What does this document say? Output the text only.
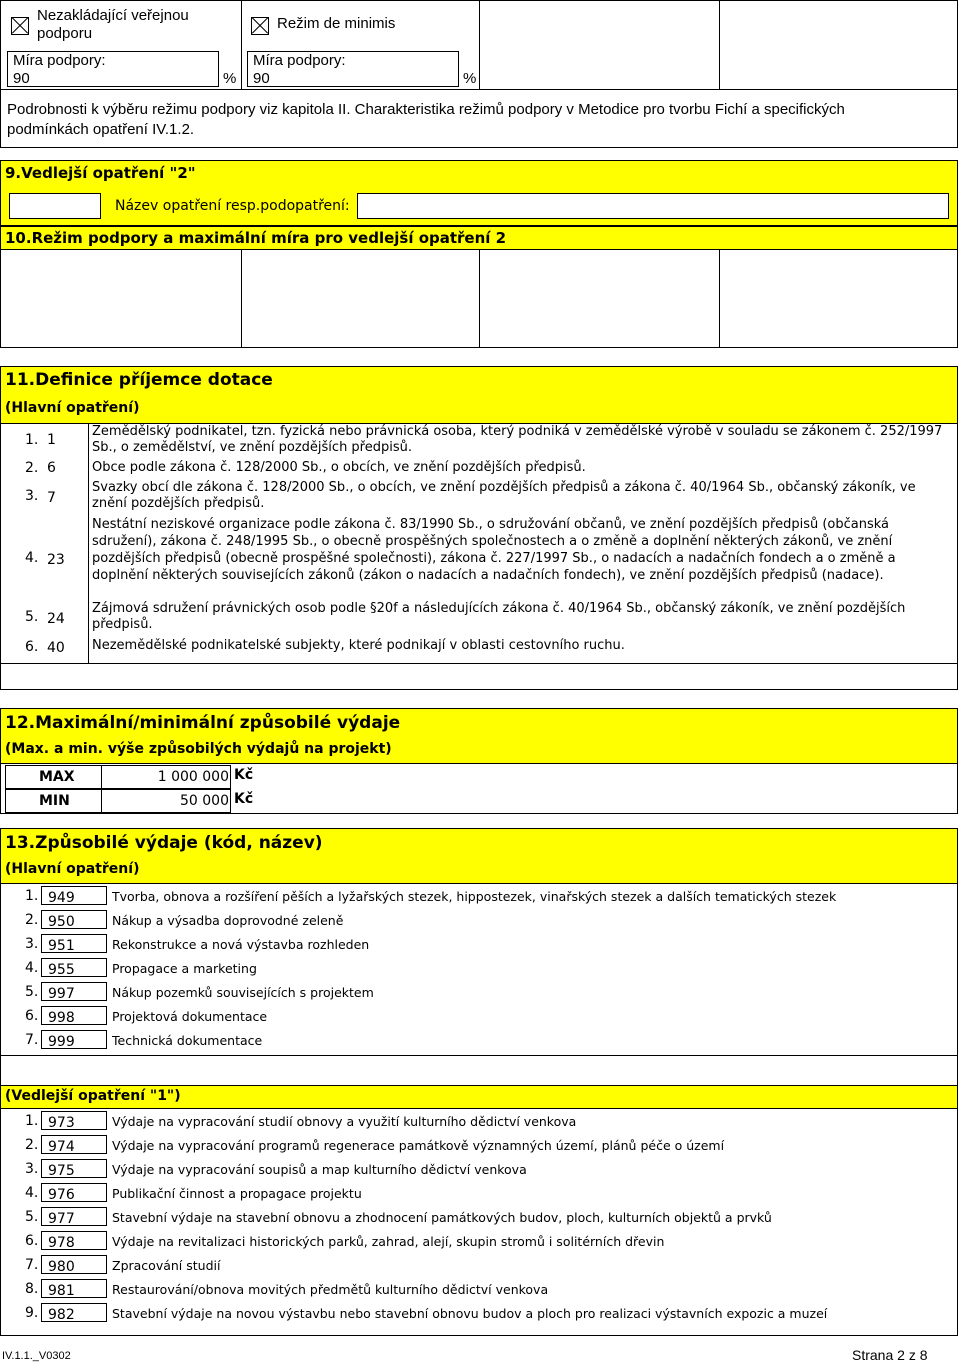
Nezakládající veřejnou podporu
Míra podpory:
90	%
Režim de minimis
Míra podpory:
90	%
Podrobnosti k výběru režimu podpory viz kapitola II. Charakteristika režimů podpory v Metodice pro tvorbu Fichí a specifických podmínkách opatření IV.1.2.
9.Vedlejší opatření "2"
Název opatření resp.podopatření:
10.Režim podpory a maximální míra pro vedlejší opatření 2
11.Definice příjemce dotace
(Hlavní opatření)
1. 1
Zemědělský podnikatel, tzn. fyzická nebo právnická osoba, který podniká v zemědělské výrobě v souladu se zákonem č. 252/1997 Sb., o zemědělství, ve znění pozdějších předpisů.
2. 6	Obce podle zákona č. 128/2000 Sb., o obcích, ve znění pozdějších předpisů.
3. 7
Svazky obcí dle zákona č. 128/2000 Sb., o obcích, ve znění pozdějších předpisů a zákona č. 40/1964 Sb., občanský zákoník, ve znění pozdějších předpisů.
4. 23
Nestátní neziskové organizace podle zákona č. 83/1990 Sb., o sdružování občanů, ve znění pozdějších předpisů (občanská sdružení), zákona č. 248/1995 Sb., o obecně prospěšných společnostech a o změně a doplnění některých zákonů, ve znění pozdějších předpisů (obecně prospěšné společnosti), zákona č. 227/1997 Sb., o nadacích a nadačních fondech a o změně a doplnění některých souvisejících zákonů (zákon o nadacích a nadačních fondech), ve znění pozdějších předpisů (nadace).
5. 24
Zájmová sdružení právnických osob podle §20f a následujících zákona č. 40/1964 Sb., občanský zákoník, ve znění pozdějších předpisů.
6. 40 Nezemědělské podnikatelské subjekty, které podnikají v oblasti cestovního ruchu.
12.Maximální/minimální způsobilé výdaje
(Max. a min. výše způsobilých výdajů na projekt)
MAX	1 000 000 Kč
MIN	50 000 Kč
13.Způsobilé výdaje (kód, název)
(Hlavní opatření)
1. 949	Tvorba, obnova a rozšíření pěších a lyžařských stezek, hippostezek, vinařských stezek a dalších tematických stezek
2. 950	Nákup a výsadba doprovodné zeleně
3. 951	Rekonstrukce a nová výstavba rozhleden
4. 955	Propagace a marketing
5. 997	Nákup pozemků souvisejících s projektem
6. 998	Projektová dokumentace
7. 999	Technická dokumentace
(Vedlejší opatření "1")
1. 973	Výdaje na vypracování studií obnovy a využití kulturního dědictví venkova
2. 974	Výdaje na vypracování programů regenerace památkově významných území, plánů péče o území
3. 975	Výdaje na vypracování soupisů a map kulturního dědictví venkova
4. 976	Publikační činnost a propagace projektu
5. 977	Stavební výdaje na stavební obnovu a zhodnocení památkových budov, ploch, kulturních objektů a prvků
6. 978	Výdaje na revitalizaci historických parků, zahrad, alejí, skupin stromů i solitérních dřevin
7. 980	Zpracování studií
8. 981	Restaurování/obnova movitých předmětů kulturního dědictví venkova
9. 982	Stavební výdaje na novou výstavbu nebo stavební obnovu budov a ploch pro realizaci výstavních expozic a muzeí
IV.1.1._V0302	Strana 2 z 8
